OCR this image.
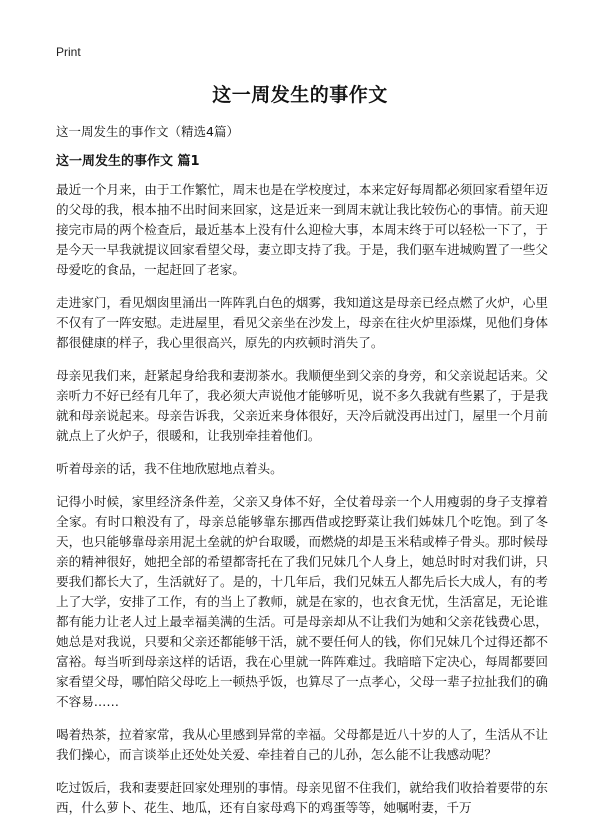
Print
这一周发生的事作文

这一周发生的事作文（精选4篇）

这一周发生的事作文 篇1

最近一个月来，由于工作繁忙，周末也是在学校度过，本来定好每周都必须回家看望年迈的父母的我，根本抽不出时间来回家，这是近来一到周末就让我比较伤心的事情。前天迎接完市局的两个检查后，最近基本上没有什么迎检大事，本周末终于可以轻松一下了，于是今天一早我就提议回家看望父母，妻立即支持了我。于是，我们驱车进城购置了一些父母爱吃的食品，一起赶回了老家。

走进家门，看见烟囱里涌出一阵阵乳白色的烟雾，我知道这是母亲已经点燃了火炉，心里不仅有了一阵安慰。走进屋里，看见父亲坐在沙发上，母亲在往火炉里添煤，见他们身体都很健康的样子，我心里很高兴，原先的内疚顿时消失了。

母亲见我们来，赶紧起身给我和妻沏茶水。我顺便坐到父亲的身旁，和父亲说起话来。父亲听力不好已经有几年了，我必须大声说他才能够听见，说不多久我就有些累了，于是我就和母亲说起来。母亲告诉我，父亲近来身体很好，天冷后就没再出过门，屋里一个月前就点上了火炉子，很暖和，让我别牵挂着他们。

听着母亲的话，我不住地欣慰地点着头。

记得小时候，家里经济条件差，父亲又身体不好，全仗着母亲一个人用瘦弱的身子支撑着全家。有时口粮没有了，母亲总能够靠东挪西借或挖野菜让我们姊妹几个吃饱。到了冬天，也只能够靠母亲用泥土垒就的炉台取暖，而燃烧的却是玉米秸或棒子骨头。那时候母亲的精神很好，她把全部的希望都寄托在了我们兄妹几个人身上，她总时时对我们讲，只要我们都长大了，生活就好了。是的，十几年后，我们兄妹五人都先后长大成人，有的考上了大学，安排了工作，有的当上了教师，就是在家的，也衣食无忧，生活富足，无论谁都有能力让老人过上最幸福美满的生活。可是母亲却从不让我们为她和父亲花钱费心思，她总是对我说，只要和父亲还都能够干活，就不要任何人的钱，你们兄妹几个过得还都不富裕。每当听到母亲这样的话语，我在心里就一阵阵难过。我暗暗下定决心，每周都要回家看望父母，哪怕陪父母吃上一顿热乎饭，也算尽了一点孝心，父母一辈子拉扯我们的确不容易……

喝着热茶，拉着家常，我从心里感到异常的幸福。父母都是近八十岁的人了，生活从不让我们操心，而言谈举止还处处关爱、牵挂着自己的儿孙，怎么能不让我感动呢？

吃过饭后，我和妻要赶回家处理别的事情。母亲见留不住我们，就给我们收拾着要带的东西，什么萝卜、花生、地瓜，还有自家母鸡下的鸡蛋等等，她嘱咐妻，千万
